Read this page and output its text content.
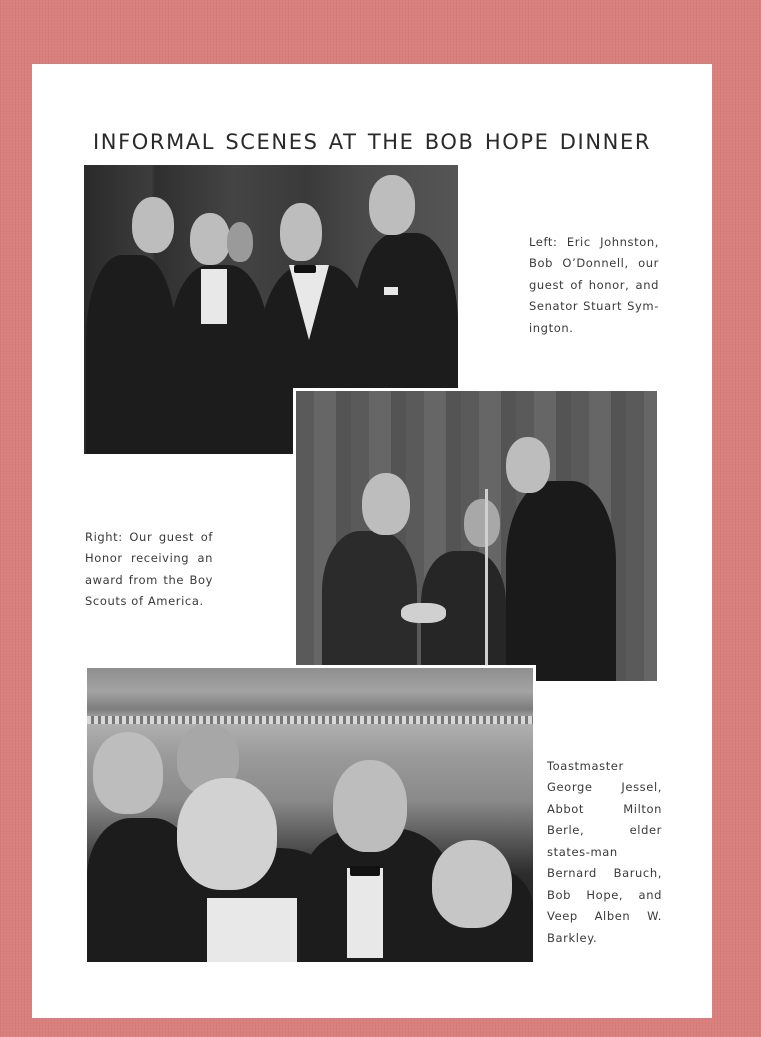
INFORMAL SCENES AT THE BOB HOPE DINNER

Left: Eric Johnston, Bob O’Donnell, our guest of honor, and Senator Stuart Sym-ington.

Right: Our guest of Honor receiving an award from the Boy Scouts of America.

Toastmaster George Jessel, Abbot Milton Berle, elder states-man Bernard Baruch, Bob Hope, and Veep Alben W. Barkley.
